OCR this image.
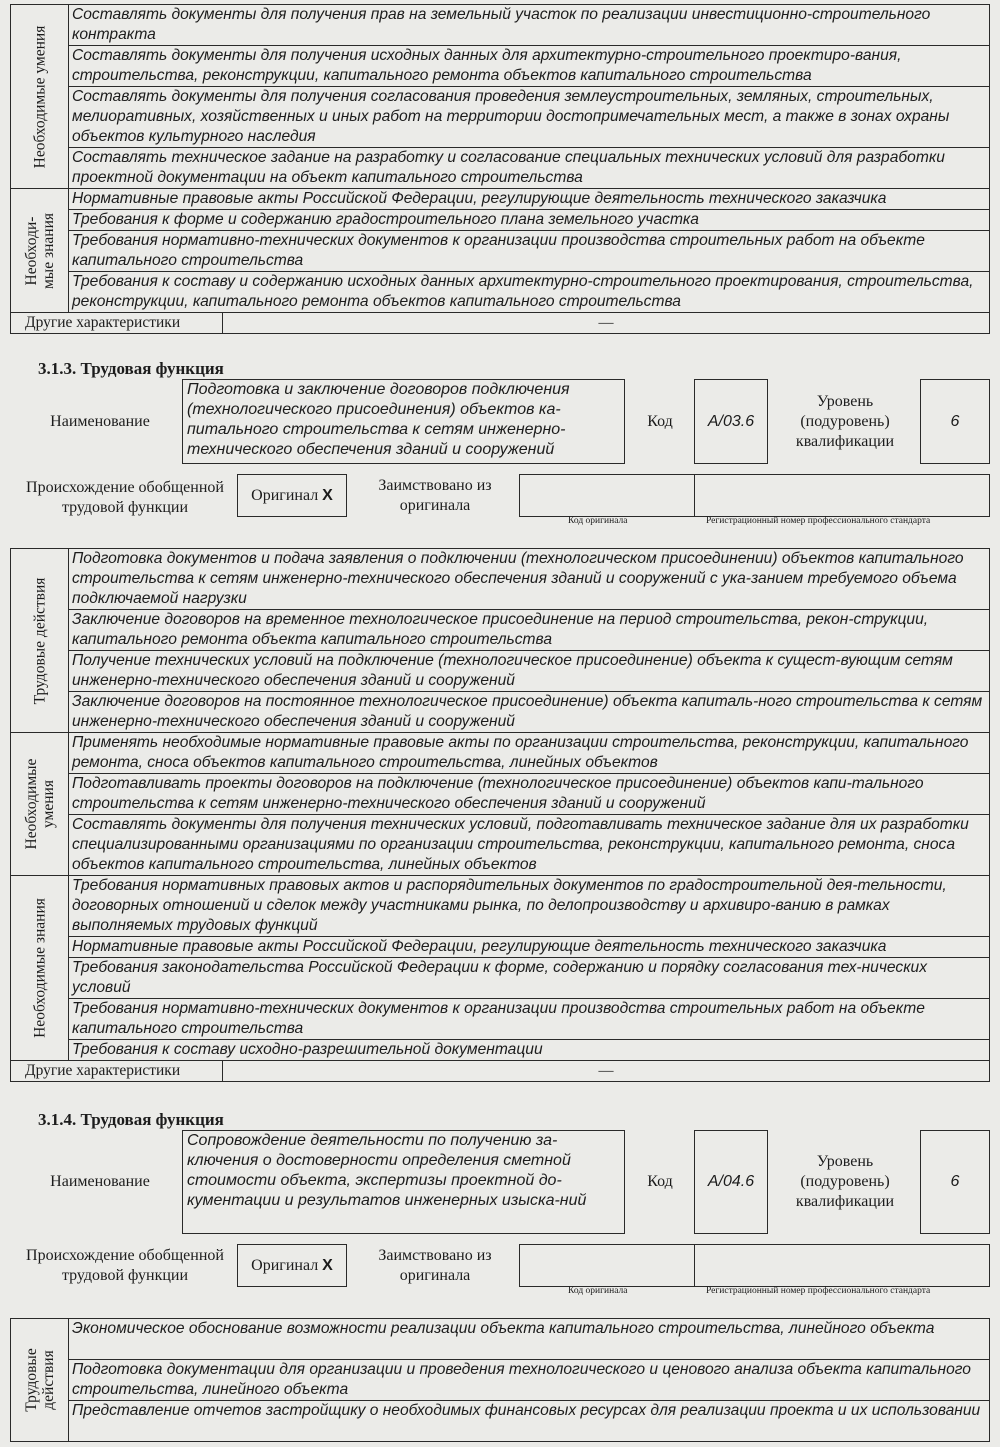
Необходимые умения	Составлять документы для получения прав на земельный участок по реализации инвестиционно-строительного контракта	

	Составлять документы для получения исходных данных для архитектурно-строительного проектиро-вания, строительства, реконструкции, капитального ремонта объектов капитального строительства	

	Составлять документы для получения согласования проведения землеустроительных, земляных, строительных, мелиоративных, хозяйственных и иных работ на территории достопримечательных мест, а также в зонах охраны объектов культурного наследия	

	Составлять техническое задание на разработку и согласование специальных технических условий для разработки проектной документации на объект капитального строительства	

Необходи-
мые знания	Нормативные правовые акты Российской Федерации, регулирующие деятельность технического заказчика	

	Требования к форме и содержанию градостроительного плана земельного участка	

	Требования нормативно-технических документов к организации производства строительных работ на объекте капитального строительства	

	Требования к составу и содержанию исходных данных архитектурно-строительного проектирования, строительства, реконструкции, капитального ремонта объектов капитального строительства	

Другие характеристики		—
3.1.3. Трудовая функция
Наименование
Подготовка и заключение договоров подключения (технологического присоединения) объектов ка-питального строительства к сетям инженерно-технического обеспечения зданий и сооружений
Код	A/03.6
Уровень (подуровень) квалификации
6
Происхождение обобщенной трудовой функции
Оригинал X
Заимствовано из оригинала
Код оригинала	Регистрационный номер профессионального стандарта
Трудовые действия	Подготовка документов и подача заявления о подключении (технологическом присоединении) объектов капитального строительства к сетям инженерно-технического обеспечения зданий и сооружений с ука-занием требуемого объема подключаемой нагрузки	

	Заключение договоров на временное технологическое присоединение на период строительства, рекон-струкции, капитального ремонта объекта капитального строительства	

	Получение технических условий на подключение (технологическое присоединение) объекта к сущест-вующим сетям инженерно-технического обеспечения зданий и сооружений	

	Заключение договоров на постоянное технологическое присоединение) объекта капиталь-ного строительства к сетям инженерно-технического обеспечения зданий и сооружений	

Необходимые
умения	Применять необходимые нормативные правовые акты по организации строительства, реконструкции, капитального ремонта, сноса объектов капитального строительства, линейных объектов	

	Подготавливать проекты договоров на подключение (технологическое присоединение) объектов капи-тального строительства к сетям инженерно-технического обеспечения зданий и сооружений	

	Составлять документы для получения технических условий, подготавливать техническое задание для их разработки специализированными организациями по организации строительства, реконструкции, капитального ремонта, сноса объектов капитального строительства, линейных объектов	

Необходимые знания	Требования нормативных правовых актов и распорядительных документов по градостроительной дея-тельности, договорных отношений и сделок между участниками рынка, по делопроизводству и архивиро-ванию в рамках выполняемых трудовых функций	

	Нормативные правовые акты Российской Федерации, регулирующие деятельность технического заказчика	

	Требования законодательства Российской Федерации к форме, содержанию и порядку согласования тех-нических условий	

	Требования нормативно-технических документов к организации производства строительных работ на объекте капитального строительства	

	Требования к составу исходно-разрешительной документации	

Другие характеристики		—
3.1.4. Трудовая функция
Наименование
Сопровождение деятельности по получению за-ключения о достоверности определения сметной стоимости объекта, экспертизы проектной до-кументации и результатов инженерных изыска-ний
Код	A/04.6
Уровень (подуровень) квалификации
6
Происхождение обобщенной трудовой функции
Оригинал X
Заимствовано из оригинала
Код оригинала	Регистрационный номер профессионального стандарта
Трудовые
действия

Экономическое обоснование возможности реализации объекта капитального строительства, линейного объекта

Подготовка документации для организации и проведения технологического и ценового анализа объекта капитального строительства, линейного объекта

Представление отчетов застройщику о необходимых финансовых ресурсах для реализации проекта и их использовании
